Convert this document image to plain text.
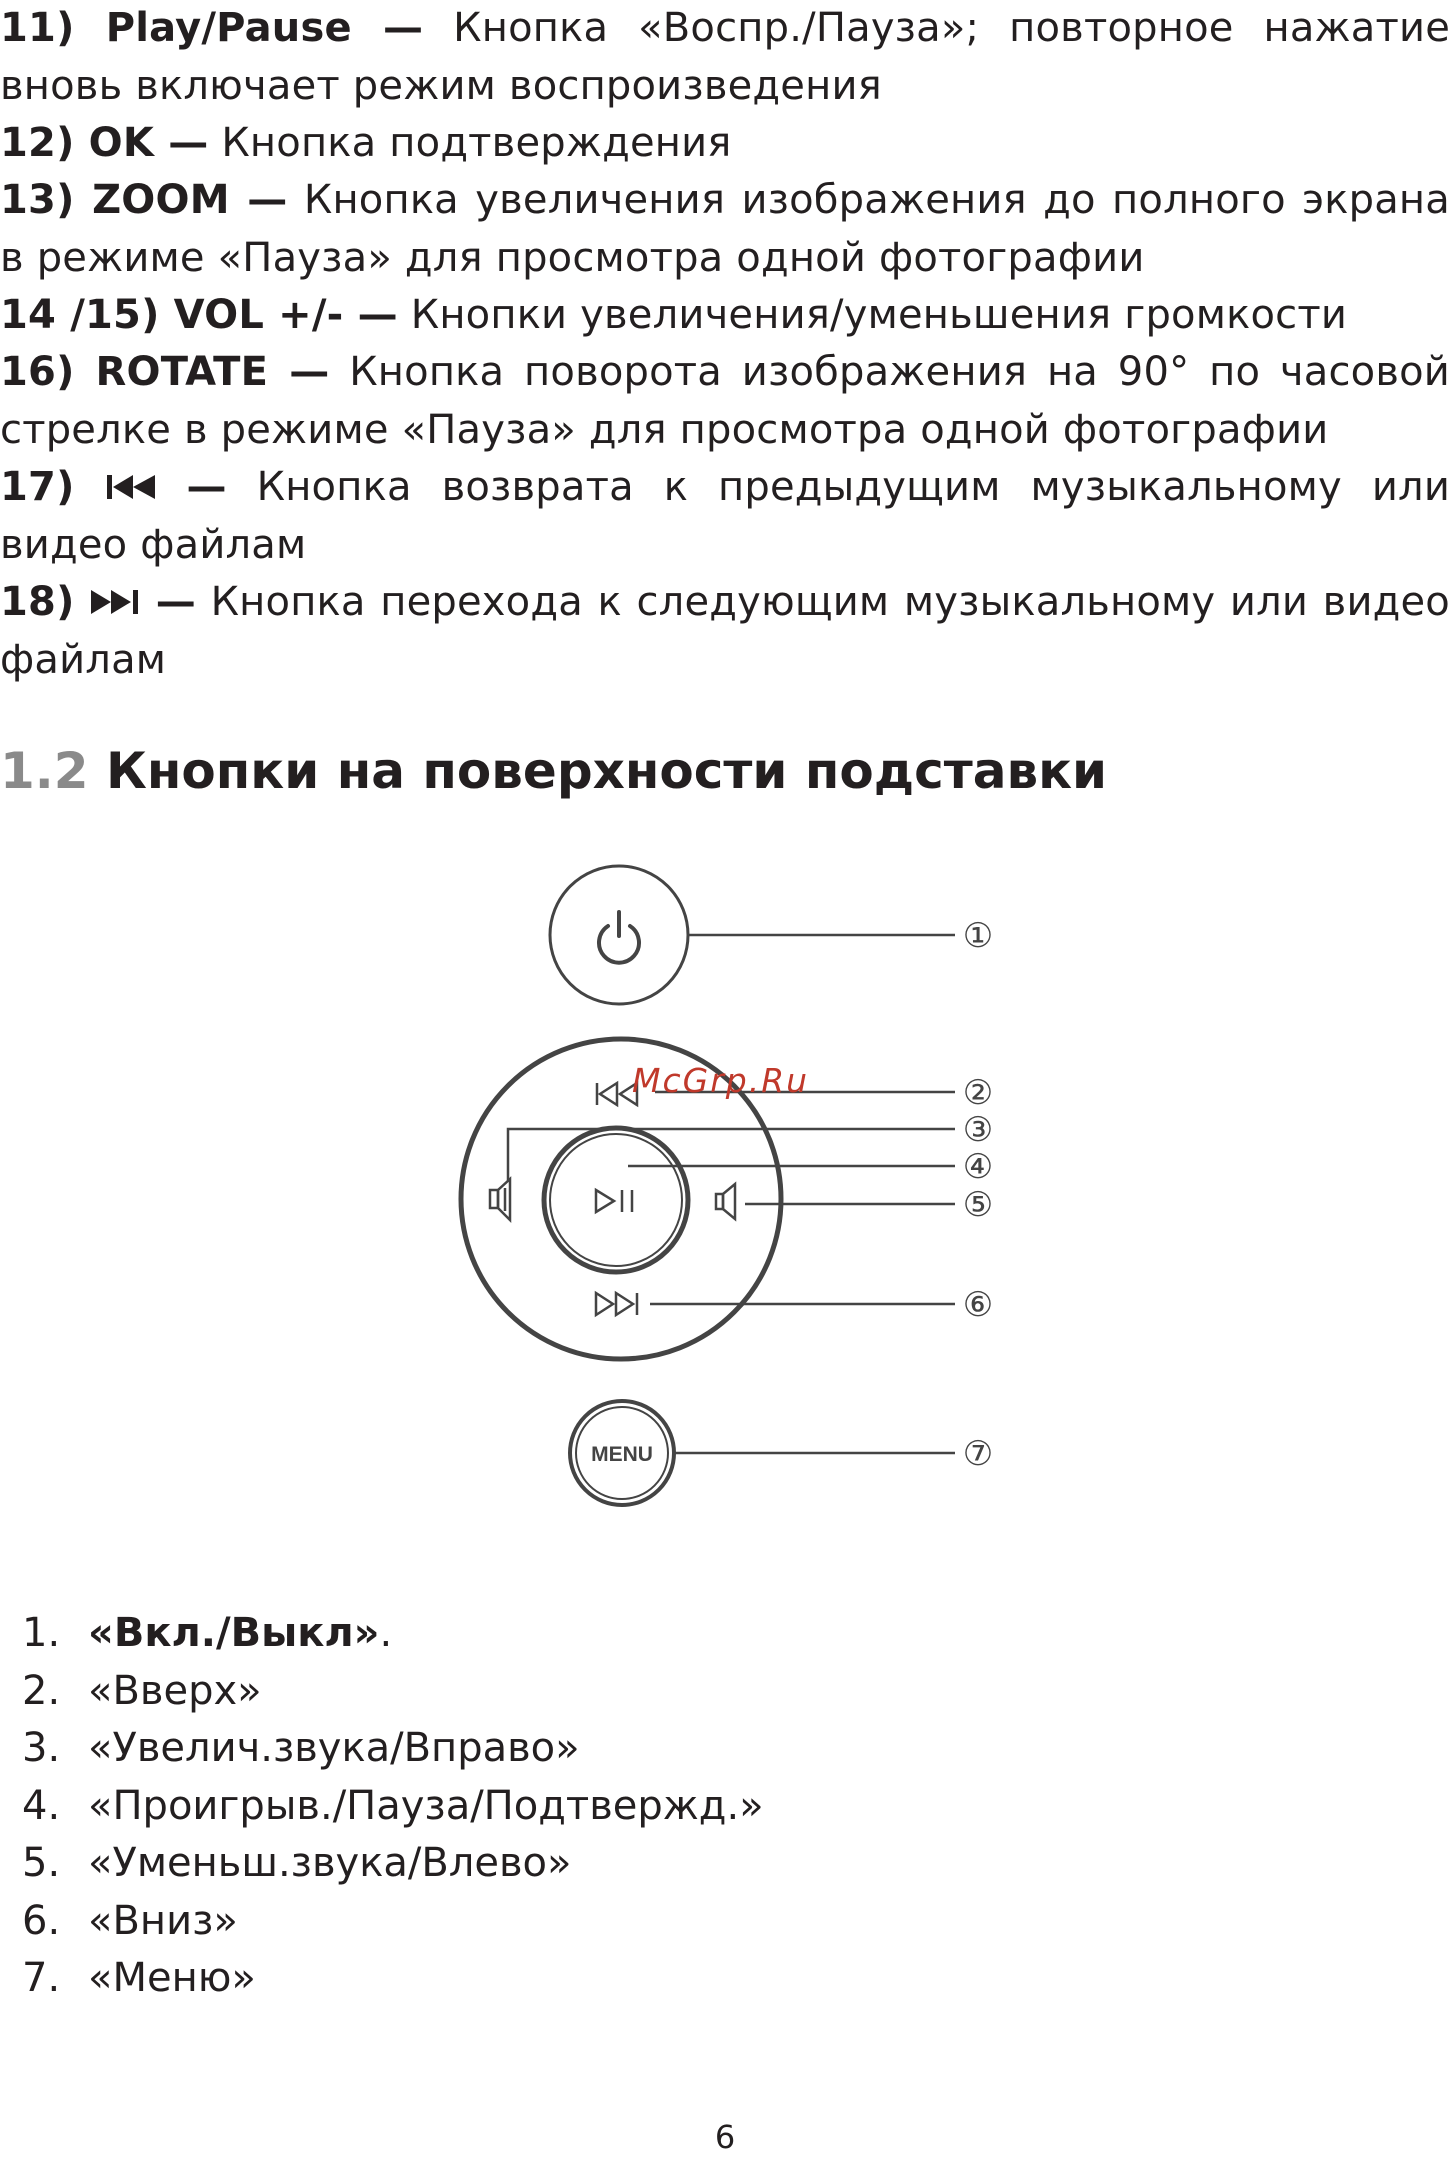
11) Play/Pause — Кнопка «Воспр./Пауза»; повторное нажатие вновь включает режим воспроизведения

12) OK — Кнопка подтверждения

13) ZOOM — Кнопка увеличения изображения до полного экрана в режиме «Пауза» для просмотра одной фотографии

14 /15) VOL +/- — Кнопки увеличения/уменьшения громкости

16) ROTATE — Кнопка поворота изображения на 90° по часовой стрелке в режиме «Пауза» для просмотра одной фотографии

17)	— Кнопка возврата к предыдущим музыкальному или видео файлам

18) — Кнопка перехода к следующим музыкальному или видео файлам

1.2 Кнопки на поверхности подставки
MENU
①
②
③
④
⑤
⑥
⑦
McGrp.Ru
1. «Вкл./Выкл».
2. «Вверх»
3. «Увелич.звука/Вправо»
4. «Проигрыв./Пауза/Подтвержд.»
5. «Уменьш.звука/Влево»
6. «Вниз»
7. «Меню»
6
